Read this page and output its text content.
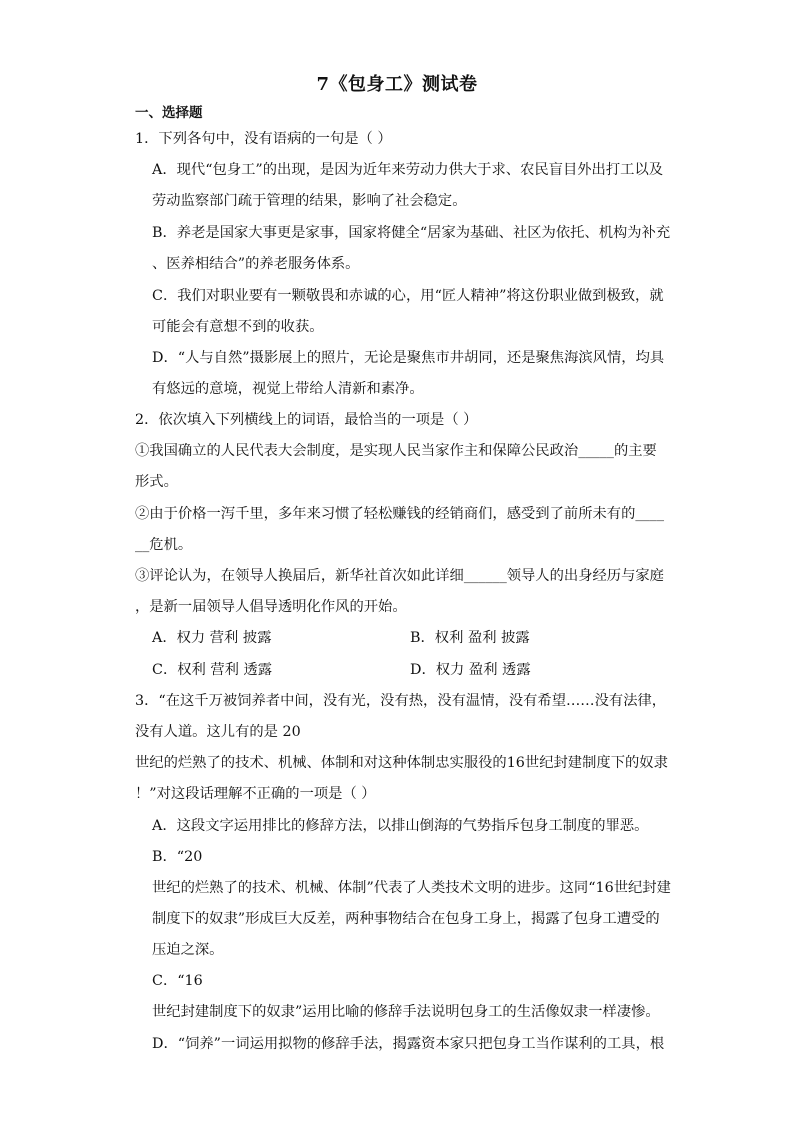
7《包身工》测试卷
一、选择题
1．下列各句中，没有语病的一句是（ ）
A．现代“包身工”的出现，是因为近年来劳动力供大于求、农民盲目外出打工以及
劳动监察部门疏于管理的结果，影响了社会稳定。
B．养老是国家大事更是家事，国家将健全“居家为基础、社区为依托、机构为补充
、医养相结合”的养老服务体系。
C．我们对职业要有一颗敬畏和赤诚的心，用“匠人精神”将这份职业做到极致，就
可能会有意想不到的收获。
D．“人与自然”摄影展上的照片，无论是聚焦市井胡同，还是聚焦海滨风情，均具
有悠远的意境，视觉上带给人清新和素净。
2．依次填入下列横线上的词语，最恰当的一项是（ ）
①我国确立的人民代表大会制度，是实现人民当家作主和保障公民政治_____的主要
形式。
②由于价格一泻千里，多年来习惯了轻松赚钱的经销商们，感受到了前所未有的____
__危机。
③评论认为，在领导人换届后，新华社首次如此详细______领导人的出身经历与家庭
，是新一届领导人倡导透明化作风的开始。
A．权力 营利 披露	B．权利 盈利 披露
C．权利 营利 透露	D．权力 盈利 透露
3．“在这千万被饲养者中间，没有光，没有热，没有温情，没有希望……没有法律，
没有人道。这儿有的是 20
世纪的烂熟了的技术、机械、体制和对这种体制忠实服役的16世纪封建制度下的奴隶
！”对这段话理解不正确的一项是（ ）
A．这段文字运用排比的修辞方法，以排山倒海的气势指斥包身工制度的罪恶。
B．“20
世纪的烂熟了的技术、机械、体制”代表了人类技术文明的进步。这同“16世纪封建
制度下的奴隶”形成巨大反差，两种事物结合在包身工身上，揭露了包身工遭受的
压迫之深。
C．“16
世纪封建制度下的奴隶”运用比喻的修辞手法说明包身工的生活像奴隶一样凄惨。
D．“饲养”一词运用拟物的修辞手法，揭露资本家只把包身工当作谋利的工具，根
